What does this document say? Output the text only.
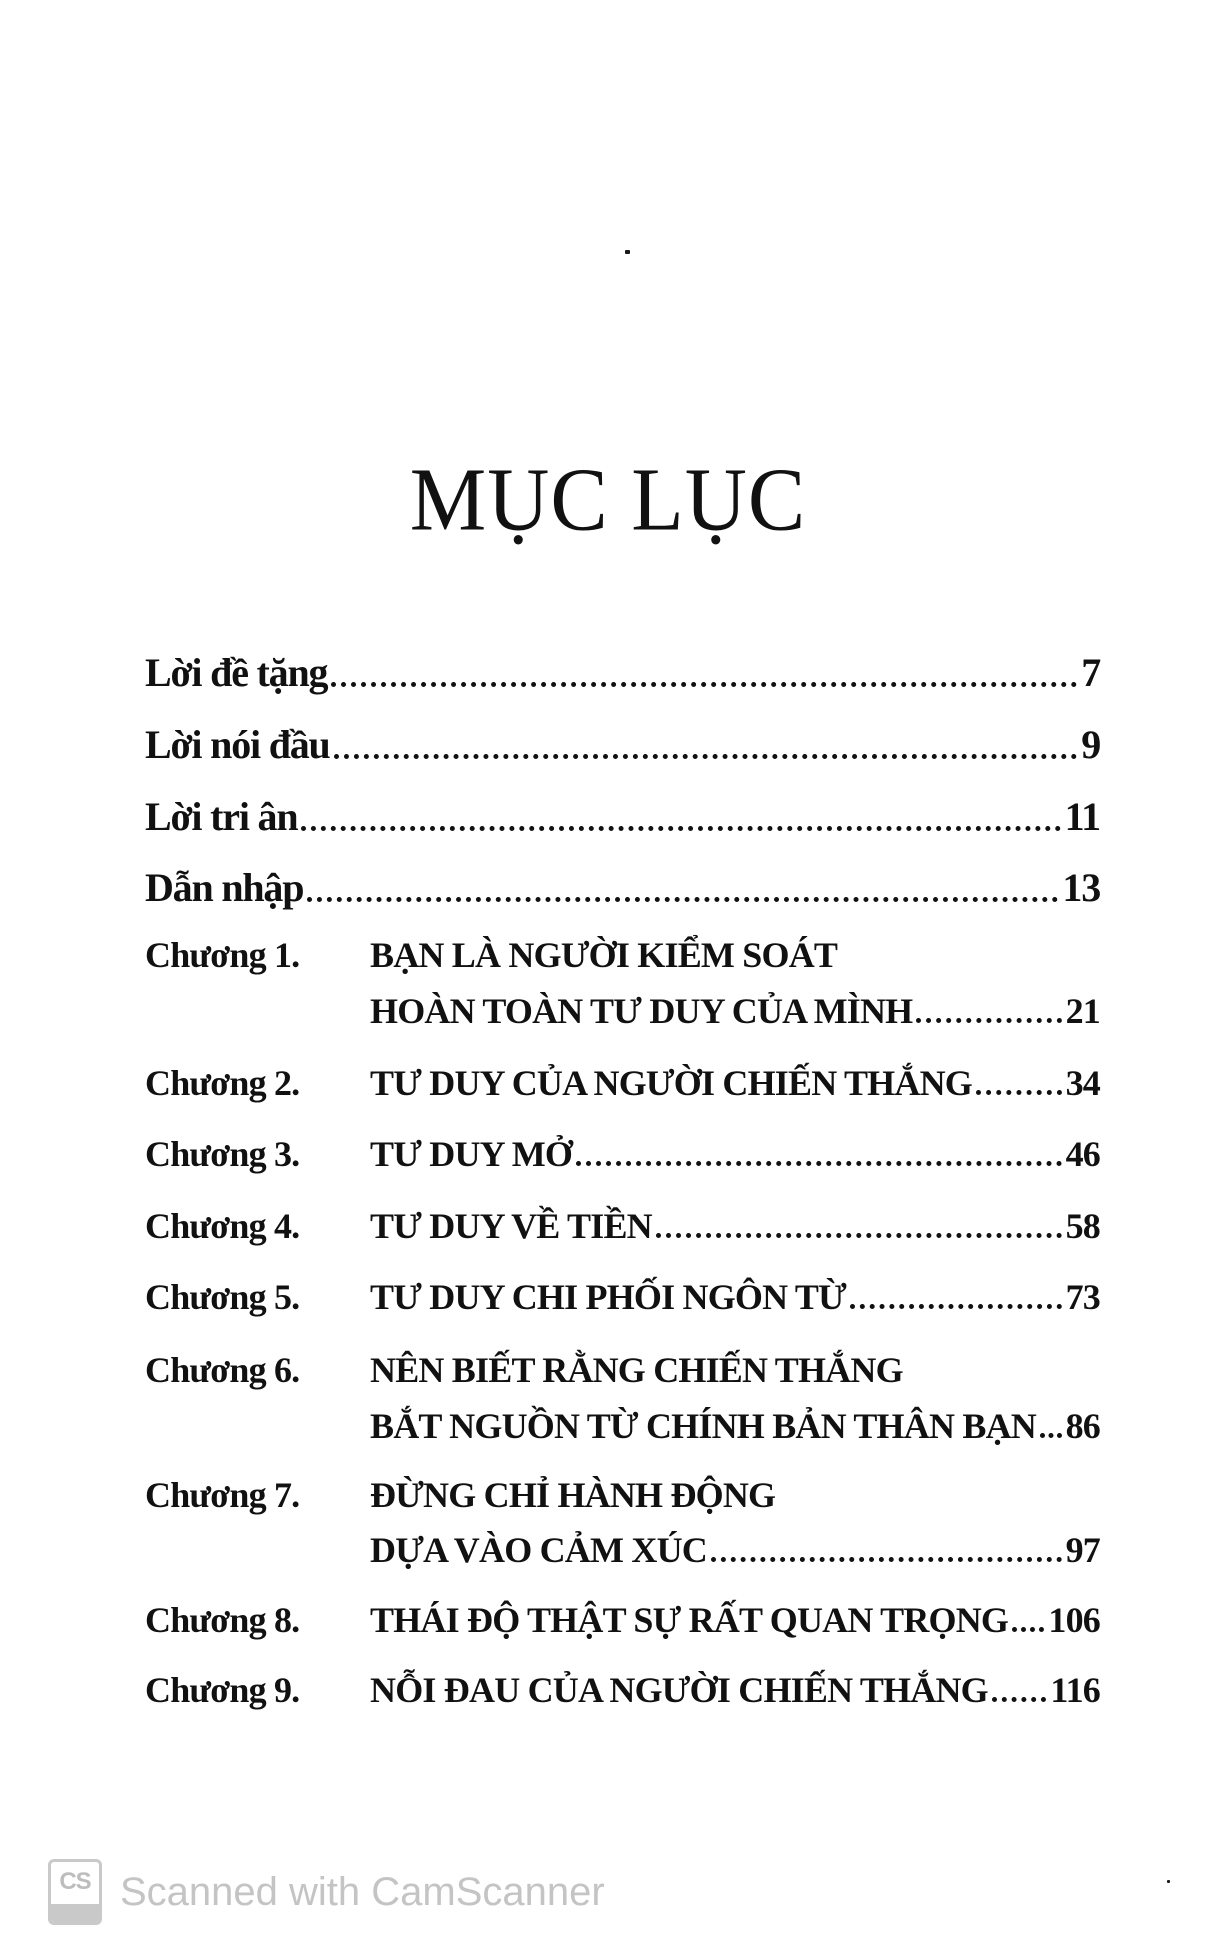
MỤC LỤC
Lời đề tặng	7
Lời nói đầu	9
Lời tri ân	11
Dẫn nhập	13
Chương 1.	BẠN LÀ NGƯỜI KIỂM SOÁT
HOÀN TOÀN TƯ DUY CỦA MÌNH	21
Chương 2.	TƯ DUY CỦA NGƯỜI CHIẾN THẮNG	34
Chương 3.	TƯ DUY MỞ	46
Chương 4.	TƯ DUY VỀ TIỀN	58
Chương 5.	TƯ DUY CHI PHỐI NGÔN TỪ	73
Chương 6.	NÊN BIẾT RẰNG CHIẾN THẮNG
BẮT NGUỒN TỪ CHÍNH BẢN THÂN BẠN 86
Chương 7.	ĐỪNG CHỈ HÀNH ĐỘNG
DỰA VÀO CẢM XÚC	97
Chương 8.	THÁI ĐỘ THẬT SỰ RẤT QUAN TRỌNG 106
Chương 9.	NỖI ĐAU CỦA NGƯỜI CHIẾN THẮNG 116
CS Scanned with CamScanner
